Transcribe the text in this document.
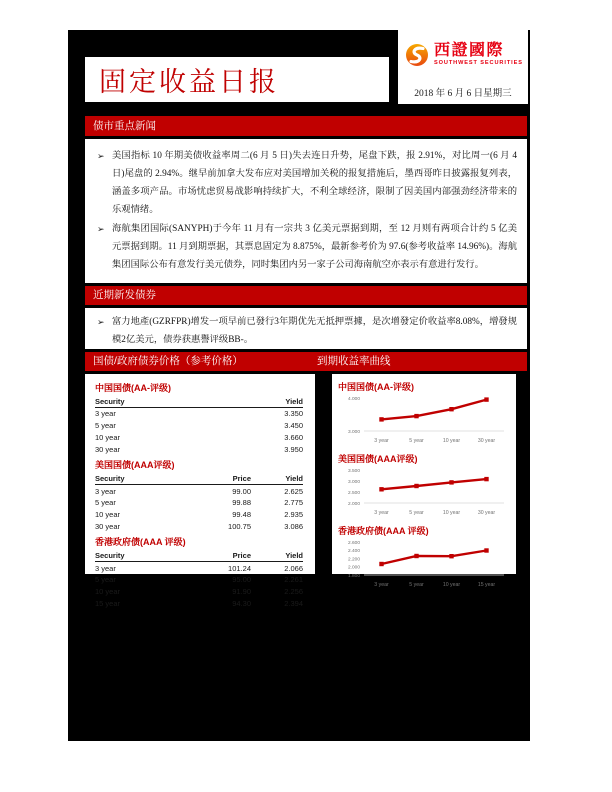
西證國際
SOUTHWEST SECURITIES
固定收益日报	2018 年 6 月 6 日星期三
债市重点新闻
➢ 美国指标 10 年期美债收益率周二(6 月 5 日)失去连日升势，尾盘下跌，报 2.91%，对比周一(6 月 4 日)尾盘的 2.94%。继早前加拿大发布应对美国增加关税的报复措施后，墨西哥昨日披露报复列表，涵盖多项产品。市场忧虑贸易战影响持续扩大，不利全球经济，限制了因美国内部强劲经济带来的乐观情绪。
➢ 海航集团国际(SANYPH)于今年 11 月有一宗共 3 亿美元票据到期，至 12 月则有两项合计约 5 亿美元票据到期。11 月到期票据，其票息固定为 8.875%，最新参考价为 97.6(参考收益率 14.96%)。海航集团国际公布有意发行美元债券，同时集团内另一家子公司海南航空亦表示有意进行发行。
近期新发债券
➢ 富力地產(GZRFPR)增发一项早前已發行3年期优先无抵押票據，是次增發定价收益率8.08%，增發规模2亿美元，债券获惠譽评级BB-。
国债/政府债券价格（参考价格）	到期收益率曲线
中国国债(AA-评级)
Security	Yield
3 year	3.350
5 year	3.450
10 year	3.660
30 year	3.950
美国国债(AAA评级)
Security	Price	Yield
3 year	99.00	2.625
5 year	99.88	2.775
10 year	99.48	2.935
30 year	100.75	3.086
香港政府债(AAA 评级)
Security	Price	Yield
3 year	101.24	2.066
5 year	95.00	2.261
10 year	91.90	2.256
15 year	94.30	2.394
中国国债(AA-评级)
4.000
3.000
3 year	5 year	10 year	30 year
美国国债(AAA评级)
3.500
3.000
2.500
2.000
3 year	5 year	10 year	30 year
香港政府债(AAA 评级)
2.600
2.400
2.200
2.000
1.800
3 year	5 year	10 year	15 year
